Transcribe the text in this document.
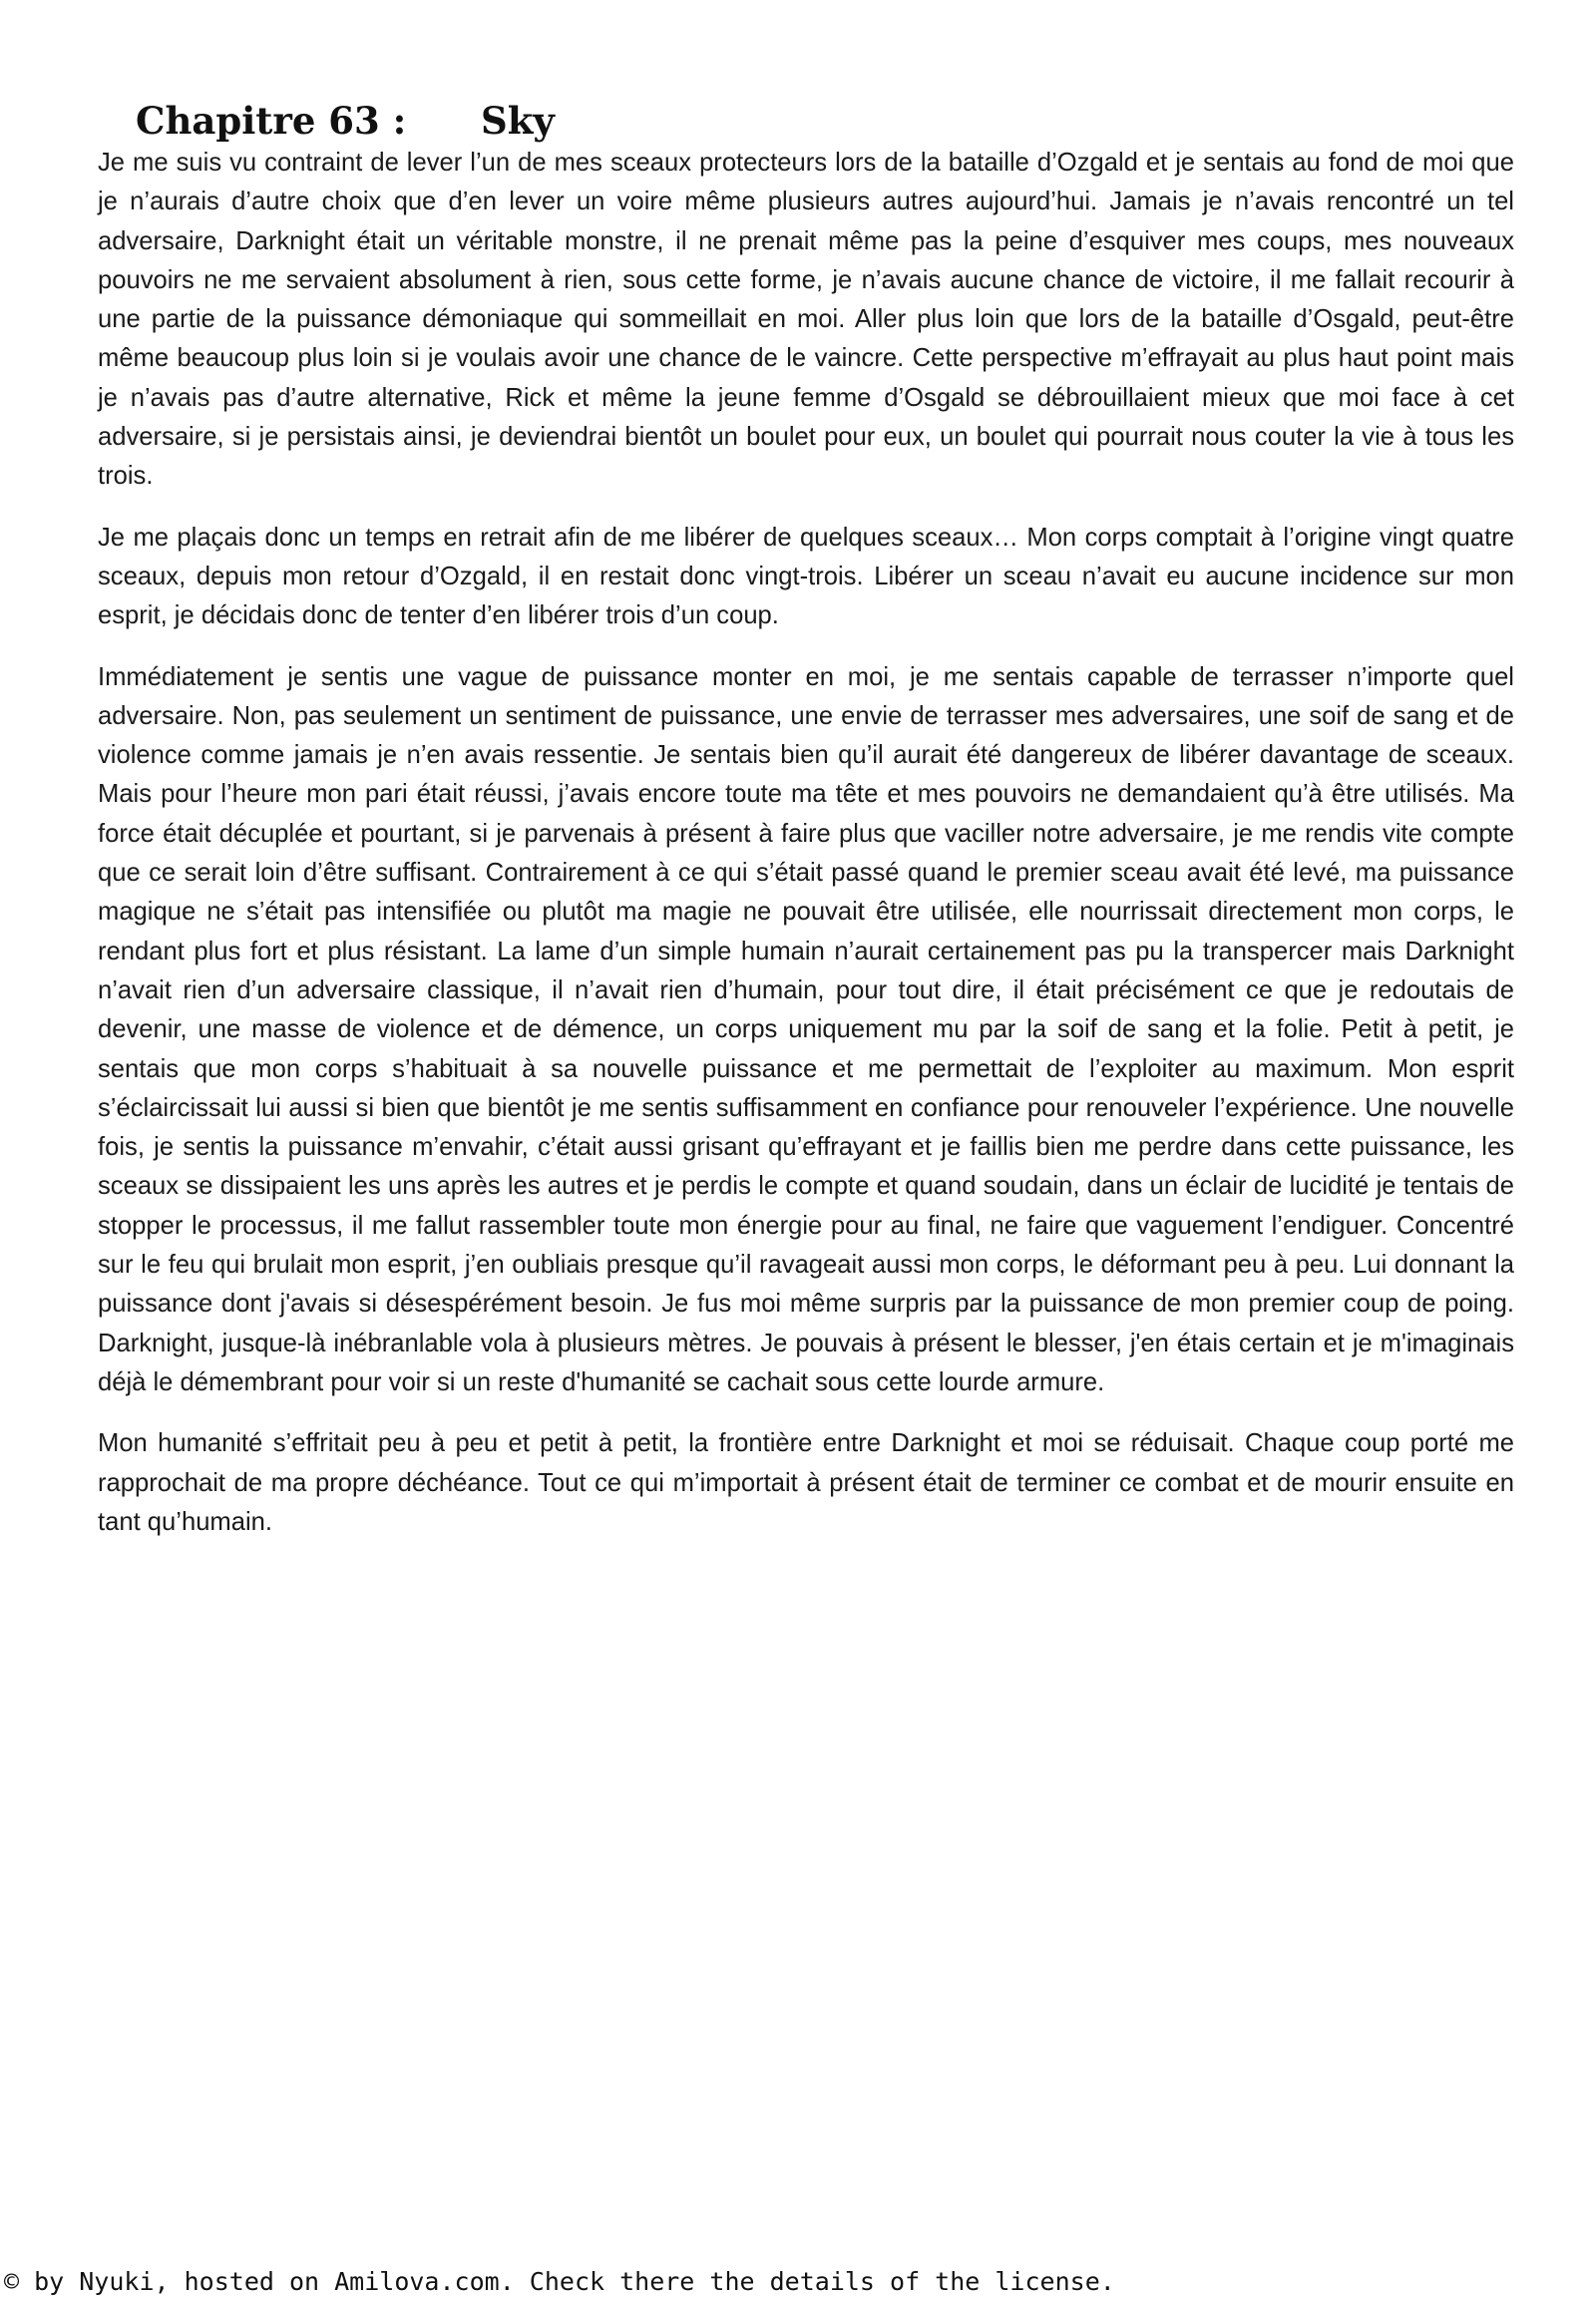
Chapitre 63 : Sky

Je me suis vu contraint de lever l’un de mes sceaux protecteurs lors de la bataille d’Ozgald et je sentais au fond de moi que je n’aurais d’autre choix que d’en lever un voire même plusieurs autres aujourd’hui. Jamais je n’avais rencontré un tel adversaire, Darknight était un véritable monstre, il ne prenait même pas la peine d’esquiver mes coups, mes nouveaux pouvoirs ne me servaient absolument à rien, sous cette forme, je n’avais aucune chance de victoire, il me fallait recourir à une partie de la puissance démoniaque qui sommeillait en moi. Aller plus loin que lors de la bataille d’Osgald, peut-être même beaucoup plus loin si je voulais avoir une chance de le vaincre. Cette perspective m’effrayait au plus haut point mais je n’avais pas d’autre alternative, Rick et même la jeune femme d’Osgald se débrouillaient mieux que moi face à cet adversaire, si je persistais ainsi, je deviendrai bientôt un boulet pour eux, un boulet qui pourrait nous couter la vie à tous les trois.

Je me plaçais donc un temps en retrait afin de me libérer de quelques sceaux… Mon corps comptait à l’origine vingt quatre sceaux, depuis mon retour d’Ozgald, il en restait donc vingt-trois. Libérer un sceau n’avait eu aucune incidence sur mon esprit, je décidais donc de tenter d’en libérer trois d’un coup.

Immédiatement je sentis une vague de puissance monter en moi, je me sentais capable de terrasser n’importe quel adversaire. Non, pas seulement un sentiment de puissance, une envie de terrasser mes adversaires, une soif de sang et de violence comme jamais je n’en avais ressentie. Je sentais bien qu’il aurait été dangereux de libérer davantage de sceaux. Mais pour l’heure mon pari était réussi, j’avais encore toute ma tête et mes pouvoirs ne demandaient qu’à être utilisés. Ma force était décuplée et pourtant, si je parvenais à présent à faire plus que vaciller notre adversaire, je me rendis vite compte que ce serait loin d’être suffisant. Contrairement à ce qui s’était passé quand le premier sceau avait été levé, ma puissance magique ne s’était pas intensifiée ou plutôt ma magie ne pouvait être utilisée, elle nourrissait directement mon corps, le rendant plus fort et plus résistant. La lame d’un simple humain n’aurait certainement pas pu la transpercer mais Darknight n’avait rien d’un adversaire classique, il n’avait rien d’humain, pour tout dire, il était précisément ce que je redoutais de devenir, une masse de violence et de démence, un corps uniquement mu par la soif de sang et la folie. Petit à petit, je sentais que mon corps s’habituait à sa nouvelle puissance et me permettait de l’exploiter au maximum. Mon esprit s’éclaircissait lui aussi si bien que bientôt je me sentis suffisamment en confiance pour renouveler l’expérience. Une nouvelle fois, je sentis la puissance m’envahir, c’était aussi grisant qu’effrayant et je faillis bien me perdre dans cette puissance, les sceaux se dissipaient les uns après les autres et je perdis le compte et quand soudain, dans un éclair de lucidité je tentais de stopper le processus, il me fallut rassembler toute mon énergie pour au final, ne faire que vaguement l’endiguer. Concentré sur le feu qui brulait mon esprit, j’en oubliais presque qu’il ravageait aussi mon corps, le déformant peu à peu. Lui donnant la puissance dont j'avais si désespérément besoin. Je fus moi même surpris par la puissance de mon premier coup de poing. Darknight, jusque-là inébranlable vola à plusieurs mètres. Je pouvais à présent le blesser, j'en étais certain et je m'imaginais déjà le démembrant pour voir si un reste d'humanité se cachait sous cette lourde armure.

Mon humanité s’effritait peu à peu et petit à petit, la frontière entre Darknight et moi se réduisait. Chaque coup porté me rapprochait de ma propre déchéance. Tout ce qui m’importait à présent était de terminer ce combat et de mourir ensuite en tant qu’humain.

© by Nyuki, hosted on Amilova.com. Check there the details of the license.
